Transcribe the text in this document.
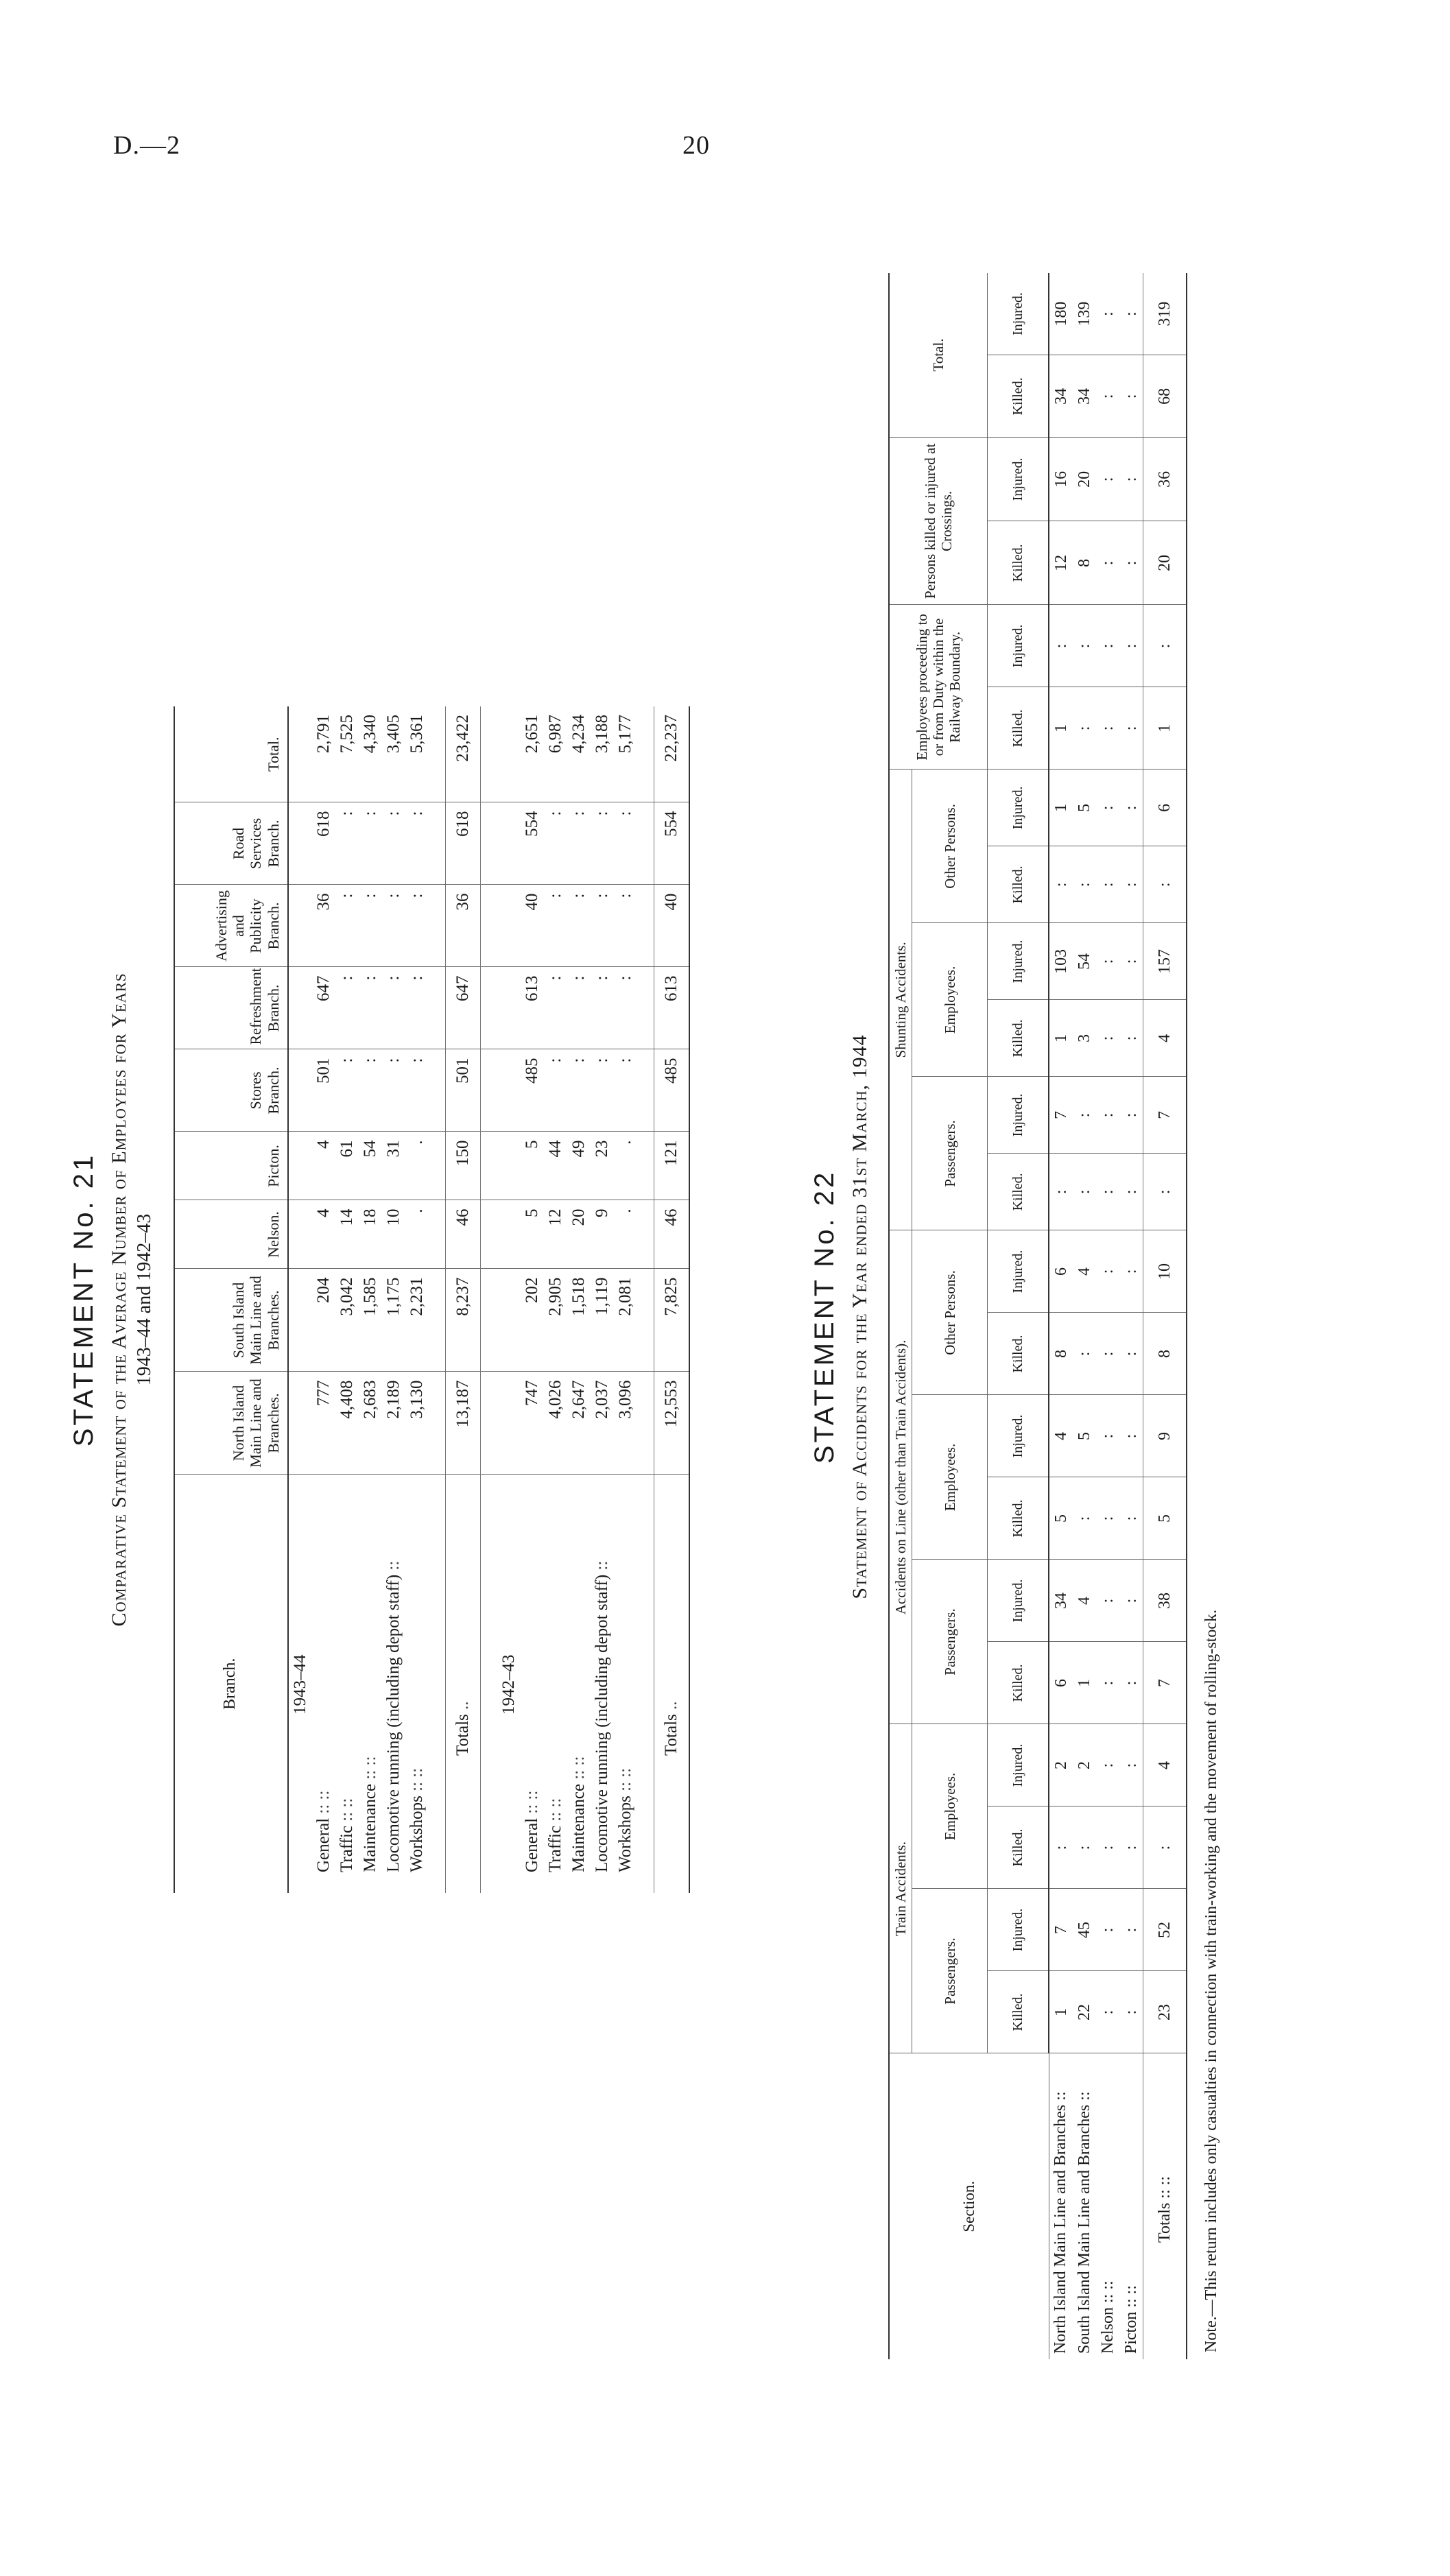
D.—2	20
STATEMENT No. 21 Comparative Statement of the Average Number of Employees for Years 1943–44 and 1942–43
Branch.	North Island Main Line and Branches.	South Island Main Line and Branches.	Nelson.	Picton.	Stores Branch.	Refreshment Branch.	Advertising and Publicity Branch.	Road Services Branch.	Total.
1943–44									
General :: ::	777	204	4	4	501	647	36	618	2,791
Traffic :: ::	4,408	3,042	14	61	:	:	:	:	7,525
Maintenance :: ::	2,683	1,585	18	54	:	:	:	:	4,340
Locomotive running (including depot staff) ::	2,189	1,175	10	31	:	:	:	:	3,405
Workshops :: ::	3,130	2,231	.	.	:	:	:	:	5,361

Totals ..	13,187	8,237	46	150	501	647	36	618	23,422

1942–43									
General :: ::	747	202	5	5	485	613	40	554	2,651
Traffic :: ::	4,026	2,905	12	44	:	:	:	:	6,987
Maintenance :: ::	2,647	1,518	20	49	:	:	:	:	4,234
Locomotive running (including depot staff) ::	2,037	1,119	9	23	:	:	:	:	3,188
Workshops :: ::	3,096	2,081	.	.	:	:	:	:	5,177

Totals ..	12,553	7,825	46	121	485	613	40	554	22,237
STATEMENT No. 22 Statement of Accidents for the Year ended 31st March, 1944
Section.	Train Accidents.				Accidents on Line (other than Train Accidents).						Shunting Accidents.						Employees proceeding to or from Duty within the Railway Boundary.		Persons killed or injured at Crossings.		Total.	
	Passengers.		Employees.		Passengers.		Employees.		Other Persons.		Passengers.		Employees.		Other Persons.							
	Killed.	Injured.	Killed.	Injured.	Killed.	Injured.	Killed.	Injured.	Killed.	Injured.	Killed.	Injured.	Killed.	Injured.	Killed.	Injured.	Killed.	Injured.	Killed.	Injured.	Killed.	Injured.
North Island Main Line and Branches ::	1	7	:	2	6	34	5	4	8	6	:	7	1	103	:	1	1	:	12	16	34	180
South Island Main Line and Branches ::	22	45	:	2	1	4	:	5	:	4	:	:	3	54	:	5	:	:	8	20	34	139
Nelson :: ::	:	:	:	:	:	:	:	:	:	:	:	:	:	:	:	:	:	:	:	:	:	:
Picton :: ::	:	:	:	:	:	:	:	:	:	:	:	:	:	:	:	:	:	:	:	:	:	:
Totals :: ::	23	52	:	4	7	38	5	9	8	10	:	7	4	157	:	6	1	:	20	36	68	319
Note.—This return includes only casualties in connection with train-working and the movement of rolling-stock.
